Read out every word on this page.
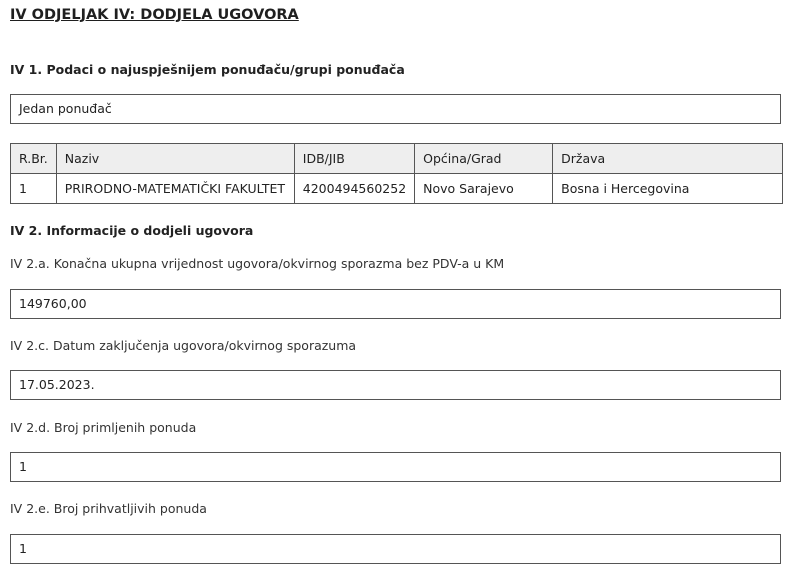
IV ODJELJAK IV: DODJELA UGOVORA
IV 1. Podaci o najuspješnijem ponuđaču/grupi ponuđača
Jedan ponuđač
R.Br.	Naziv	IDB/JIB	Općina/Grad	Država
1	PRIRODNO-MATEMATIČKI FAKULTET	4200494560252	Novo Sarajevo	Bosna i Hercegovina
IV 2. Informacije o dodjeli ugovora
IV 2.a. Konačna ukupna vrijednost ugovora/okvirnog sporazma bez PDV-a u KM
149760,00
IV 2.c. Datum zaključenja ugovora/okvirnog sporazuma
17.05.2023.
IV 2.d. Broj primljenih ponuda
1
IV 2.e. Broj prihvatljivih ponuda
1
